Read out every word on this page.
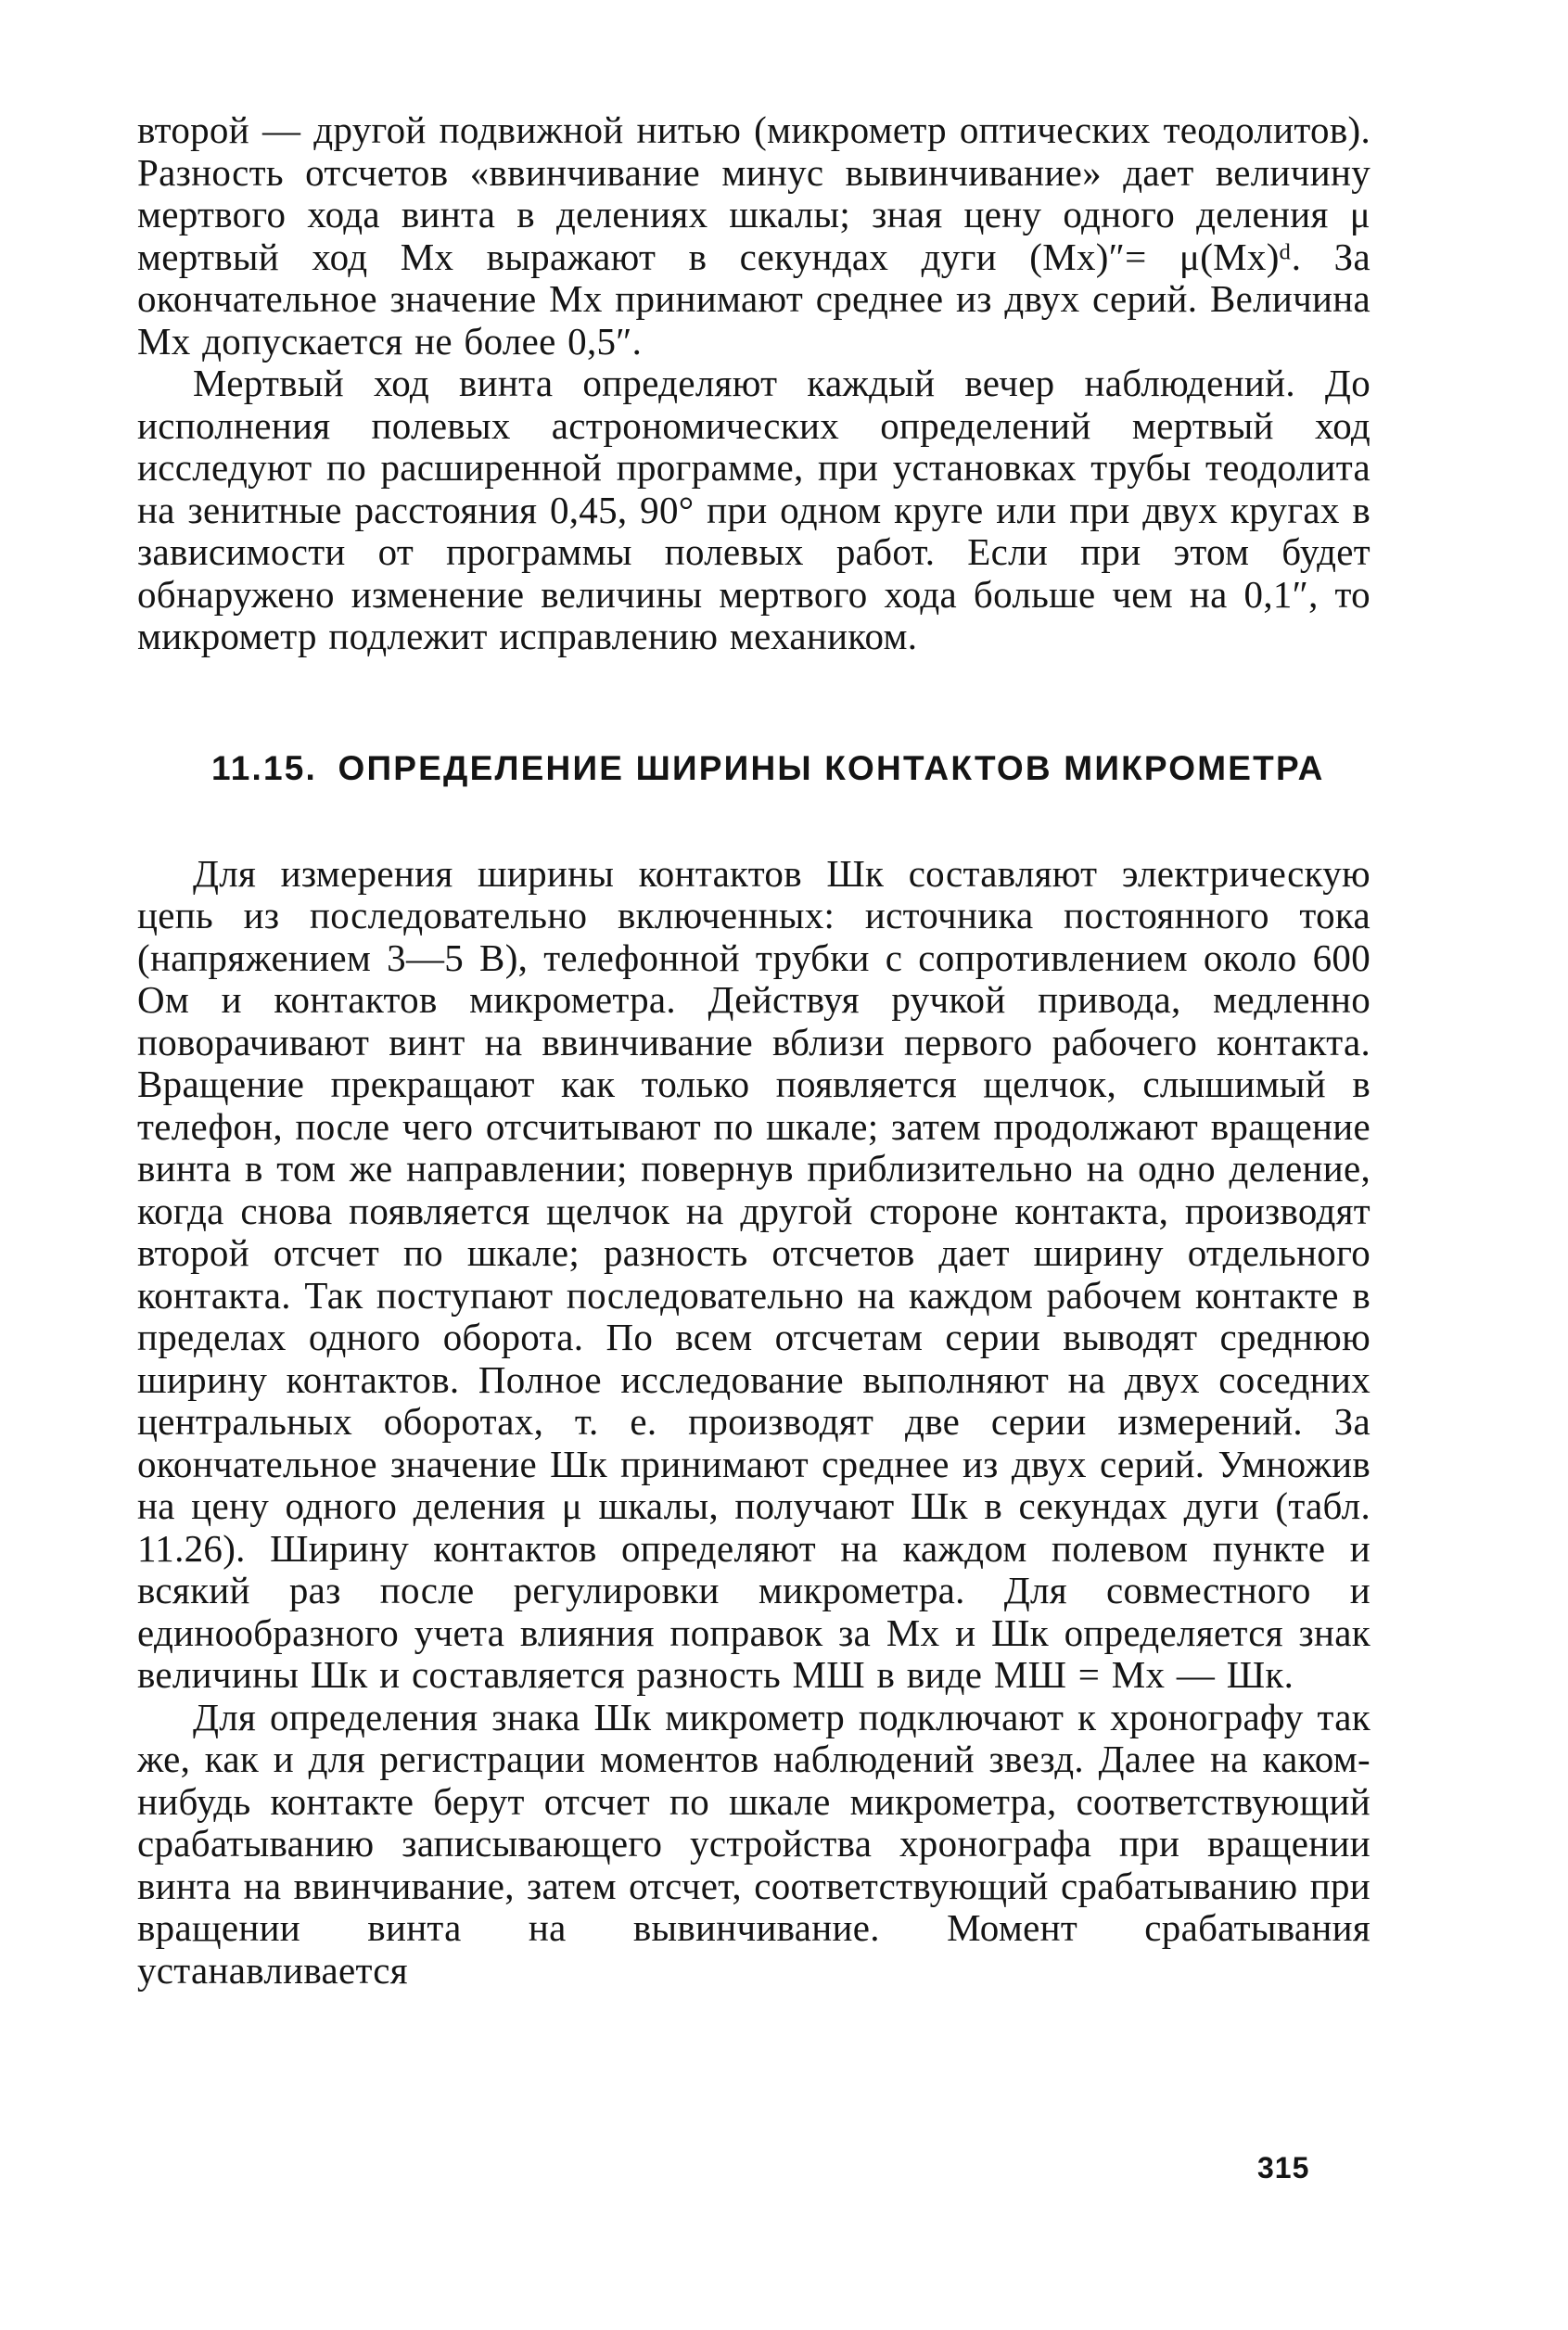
второй — другой подвижной нитью (микрометр оптических теодолитов). Разность отсчетов «ввинчивание минус вывинчивание» дает величину мертвого хода винта в делениях шкалы; зная цену одного деления μ мертвый ход Mx выражают в секундах дуги (Mx)″= μ(Mx)ᵈ. За окончательное значение Mx принимают среднее из двух серий. Величина Mx допускается не более 0,5″.

Мертвый ход винта определяют каждый вечер наблюдений. До исполнения полевых астрономических определений мертвый ход исследуют по расширенной программе, при установках трубы теодолита на зенитные расстояния 0,45, 90° при одном круге или при двух кругах в зависимости от программы полевых работ. Если при этом будет обнаружено изменение величины мертвого хода больше чем на 0,1″, то микрометр подлежит исправлению механиком.

11.15. ОПРЕДЕЛЕНИЕ ШИРИНЫ КОНТАКТОВ МИКРОМЕТРА

Для измерения ширины контактов Шк составляют электрическую цепь из последовательно включенных: источника постоянного тока (напряжением 3—5 В), телефонной трубки с сопротивлением около 600 Ом и контактов микрометра. Действуя ручкой привода, медленно поворачивают винт на ввинчивание вблизи первого рабочего контакта. Вращение прекращают как только появляется щелчок, слышимый в телефон, после чего отсчитывают по шкале; затем продолжают вращение винта в том же направлении; повернув приблизительно на одно деление, когда снова появляется щелчок на другой стороне контакта, производят второй отсчет по шкале; разность отсчетов дает ширину отдельного контакта. Так поступают последовательно на каждом рабочем контакте в пределах одного оборота. По всем отсчетам серии выводят среднюю ширину контактов. Полное исследование выполняют на двух соседних центральных оборотах, т. е. производят две серии измерений. За окончательное значение Шк принимают среднее из двух серий. Умножив на цену одного деления μ шкалы, получают Шк в секундах дуги (табл. 11.26). Ширину контактов определяют на каждом полевом пункте и всякий раз после регулировки микрометра. Для совместного и единообразного учета влияния поправок за Mx и Шк определяется знак величины Шк и составляется разность МШ в виде МШ = Mx — Шк.

Для определения знака Шк микрометр подключают к хронографу так же, как и для регистрации моментов наблюдений звезд. Далее на каком-нибудь контакте берут отсчет по шкале микрометра, соответствующий срабатыванию записывающего устройства хронографа при вращении винта на ввинчивание, затем отсчет, соответствующий срабатыванию при вращении винта на вывинчивание. Момент срабатывания устанавливается

315
